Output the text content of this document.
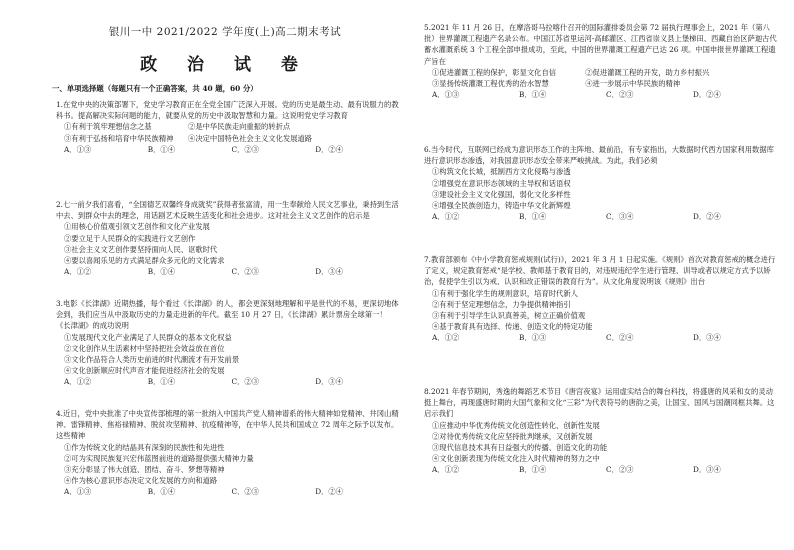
银川一中 2021/2022 学年度(上)高二期末考试
政 治 试 卷
一、单项选择题（每题只有一个正确答案，共 40 题，60 分）
1.在党中央的决策部署下，党史学习教育正在全党全国广泛深入开展。党的历史是最生动、最有说服力的教科书。提高解决实际问题的能力，就要从党的历史中汲取智慧和力量。这说明党史学习教育
①有利于筑牢理想信念之基　　　　　②是中华民族走向重振的转折点
③有利于弘扬和培育中华民族精神　　④决定中国特色社会主义文化发展道路
A．①③	B．①④	C．②③	D．②④
2.七一前夕我们喜看，“全国德艺双馨终身成就奖”获得者张富清，用一生奉献给人民文艺事业，秉持到生活中去、到群众中去的理念，用话剧艺术反映生活变化和社会进步。这对社会主义文艺创作的启示是
①用核心价值观引领文艺创作和文化产业发展
②要立足于人民群众的实践进行文艺创作
③社会主义文艺创作要坚持面向人民、讴歌时代
④要以喜闻乐见的方式满足群众多元化的文化需求
A．①②	B．①④	C．②③	D．③④
3.电影《长津湖》近期热播，每个看过《长津湖》的人，都会更深刻地理解和平是世代的不易，更深切地体会到，我们应当从中汲取历史的力量走进新的年代。截至 10 月 27 日，《长津湖》累计票房全球第一！《长津湖》的成功说明
①发展现代文化产业满足了人民群众的基本文化权益
②文化创作从生活素材中坚持把社会效益放在首位
③文化作品符合人类历史前进的时代潮流才有开发前景
④文化创新顺应时代声音才能促进经济社会的发展
A．①②	B．①④	C．②③	D．③④
4.近日，党中央批准了中央宣传部梳理的第一批纳入中国共产党人精神谱系的伟大精神如党精神、井冈山精神、雷锋精神、焦裕禄精神、脱贫攻坚精神、抗疫精神等，在中华人民共和国成立 72 周年之际予以发布。这些精神
①作为传统文化的结晶具有深刻的民族性和先进性
②可为实现民族复兴宏伟蓝图前进的道路提供强大精神力量
③充分彰显了伟大创造、团结、奋斗、梦想等精神
④作为核心意识形态决定文化发展的方向和道路
A．①③	B．①④	C．②③	D．②④
5.2021 年 11 月 26 日，在摩洛哥马拉喀什召开的国际灌排委员会第 72 届执行理事会上，2021 年（第八批）世界灌溉工程遗产名录公布。中国江苏省里运河-高邮灌区、江西省崇义县上堡梯田、西藏自治区萨迦古代蓄水灌溉系统 3 个工程全部申报成功，至此，中国的世界灌溉工程遗产已达 26 项。中国申报世界灌溉工程遗产旨在
①促进灌溉工程的保护，彰显文化自信　　　　②促进灌溉工程的开发，助力乡村振兴
③显扬传统灌溉工程优秀的治水智慧　　　　　④进一步展示中华民族的精神
A．①③	B．①④	C．②③	D．②④
6.当今时代，互联网已经成为意识形态工作的主阵地、最前沿，有专家指出，大数据时代西方国家利用数据库进行意识形态渗透，对我国意识形态安全带来严峻挑战。为此，我们必须
①构筑文化长城，抵制西方文化侵略与渗透
②增强党在意识形态领域的主导权和话语权
③建设社会主义文化强国，弱化文化多样性
④增强全民族创造力，铸造中华文化新辉煌
A．①②	B．①④	C．③④	D．②④
7.教育部颁布《中小学教育惩戒规则(试行)》，2021 年 3 月 1 日起实施。《规则》首次对教育惩戒的概念进行了定义，规定教育惩戒“是学校、教师基于教育目的，对违规违纪学生进行管理、训导或者以规定方式予以矫治，促使学生引以为戒、认识和改正错误的教育行为”。从文化角度说明该《规则》出台
①有利于强化学生的规则意识，培育时代新人
②有利于坚定理想信念，力争提供精神指引
③有利于引导学生认识真善美，树立正确价值观
④基于教育具有选择、传递、创造文化的特定功能
A．①②	B．①③	C．②④	D．③④
8.2021 年春节期间，秀逸的舞蹈艺术节目《唐宫夜宴》运用虚实结合的舞台科技，将盛唐的风采和女的灵动挺上舞台，再现盛唐时期的大国气象和文化“三彩”为代表符号的唐韵之美，让国宝、国风与国潮同框共舞。这启示我们
①应推动中华优秀传统文化创造性转化、创新性发展
②对待优秀传统文化应坚持批判继承，又创新发展
③现代信息技术具有日益强大的传播、创造文化的功能
④文化创新表现为传统文化注入时代精神的努力之中
A．①②	B．①④	C．②③	D．③④
